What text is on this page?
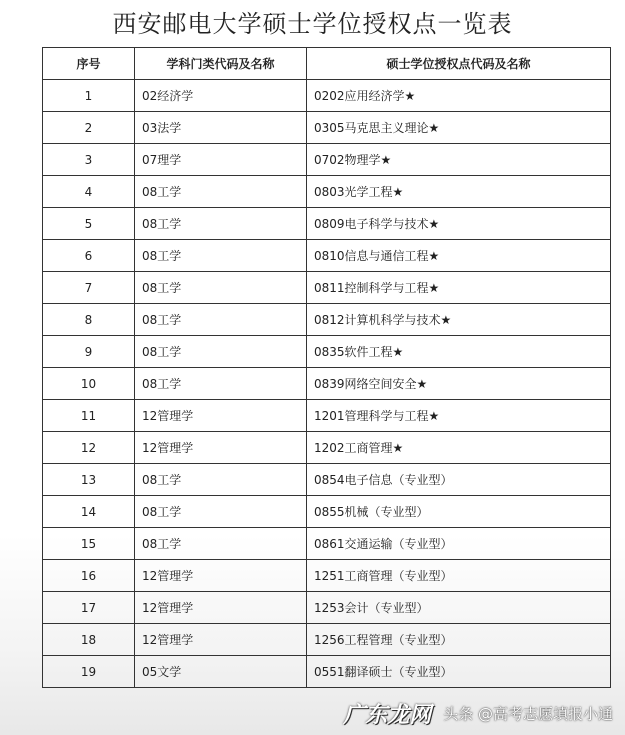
西安邮电大学硕士学位授权点一览表
序号	学科门类代码及名称	硕士学位授权点代码及名称
1	02经济学	0202应用经济学★
2	03法学	0305马克思主义理论★
3	07理学	0702物理学★
4	08工学	0803光学工程★
5	08工学	0809电子科学与技术★
6	08工学	0810信息与通信工程★
7	08工学	0811控制科学与工程★
8	08工学	0812计算机科学与技术★
9	08工学	0835软件工程★
10	08工学	0839网络空间安全★
11	12管理学	1201管理科学与工程★
12	12管理学	1202工商管理★
13	08工学	0854电子信息（专业型）
14	08工学	0855机械（专业型）
15	08工学	0861交通运输（专业型）
16	12管理学	1251工商管理（专业型）
17	12管理学	1253会计（专业型）
18	12管理学	1256工程管理（专业型）
19	05文学	0551翻译硕士（专业型）
广东龙网 头条 @高考志愿填报小通
